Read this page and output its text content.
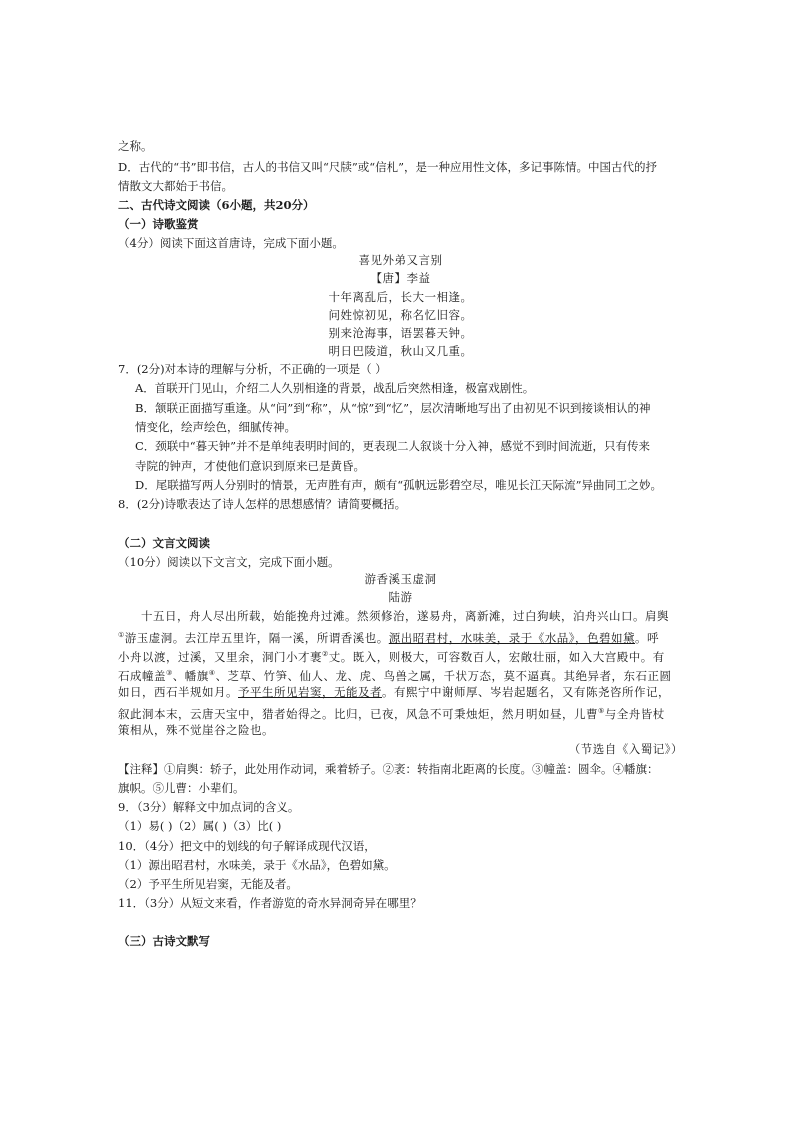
之称。
D．古代的“书”即书信，古人的书信又叫“尺牍”或“信札”，是一种应用性文体，多记事陈情。中国古代的抒
情散文大都始于书信。
二、古代诗文阅读（6小题，共20分）
（一）诗歌鉴赏
（4分）阅读下面这首唐诗，完成下面小题。
喜见外弟又言别
【唐】李益
十年离乱后，长大一相逢。
问姓惊初见，称名忆旧容。
别来沧海事，语罢暮天钟。
明日巴陵道，秋山又几重。
7．(2分)对本诗的理解与分析，不正确的一项是（ ）
A．首联开门见山，介绍二人久别相逢的背景，战乱后突然相逢，极富戏剧性。
B．颔联正面描写重逢。从“问”到“称”，从“惊”到“忆”，层次清晰地写出了由初见不识到接谈相认的神
情变化，绘声绘色，细腻传神。
C．颈联中“暮天钟”并不是单纯表明时间的，更表现二人叙谈十分入神，感觉不到时间流逝，只有传来
寺院的钟声，才使他们意识到原来已是黄昏。
D．尾联描写两人分别时的情景，无声胜有声，颇有“孤帆远影碧空尽，唯见长江天际流”异曲同工之妙。
8．(2分)诗歌表达了诗人怎样的思想感情？请简要概括。
（二）文言文阅读
（10分）阅读以下文言文，完成下面小题。
游香溪玉虚洞
陆游
十五日，舟人尽出所载，始能挽舟过滩。然须修治，遂易舟，离新滩，过白狗峡，泊舟兴山口。肩舆
①游玉虚洞。去江岸五里许，隔一溪，所谓香溪也。源出昭君村，水味美，录于《水品》，色碧如黛。呼
小舟以渡，过溪，又里余，洞门小才裹②丈。既入，则极大，可容数百人，宏敞壮丽，如入大宫殿中。有
石成幢盖③、幡旗④、芝草、竹笋、仙人、龙、虎、鸟兽之属，千状万态，莫不逼真。其绝异者，东石正圆
如日，西石半规如月。予平生所见岩窦，无能及者。有熙宁中谢师厚、岑岩起题名，又有陈尧咨所作记，
叙此洞本末，云唐天宝中，猎者始得之。比归，已夜，风急不可秉烛炬，然月明如昼，儿曹⑤与全舟皆杖
策相从，殊不觉崖谷之险也。
（节选自《入蜀记》）
【注释】①肩舆：轿子，此处用作动词，乘着轿子。②袤：转指南北距离的长度。③幢盖：圆伞。④幡旗：
旗帜。⑤儿曹：小辈们。
9．（3分）解释文中加点词的含义。
（1）易( )（2）属( )（3）比( )
10．（4分）把文中的划线的句子解译成现代汉语，
（1）源出昭君村，水味美，录于《水品》，色碧如黛。
（2）予平生所见岩窦，无能及者。
11．（3分）从短文来看，作者游览的奇水异洞奇异在哪里？
（三）古诗文默写
